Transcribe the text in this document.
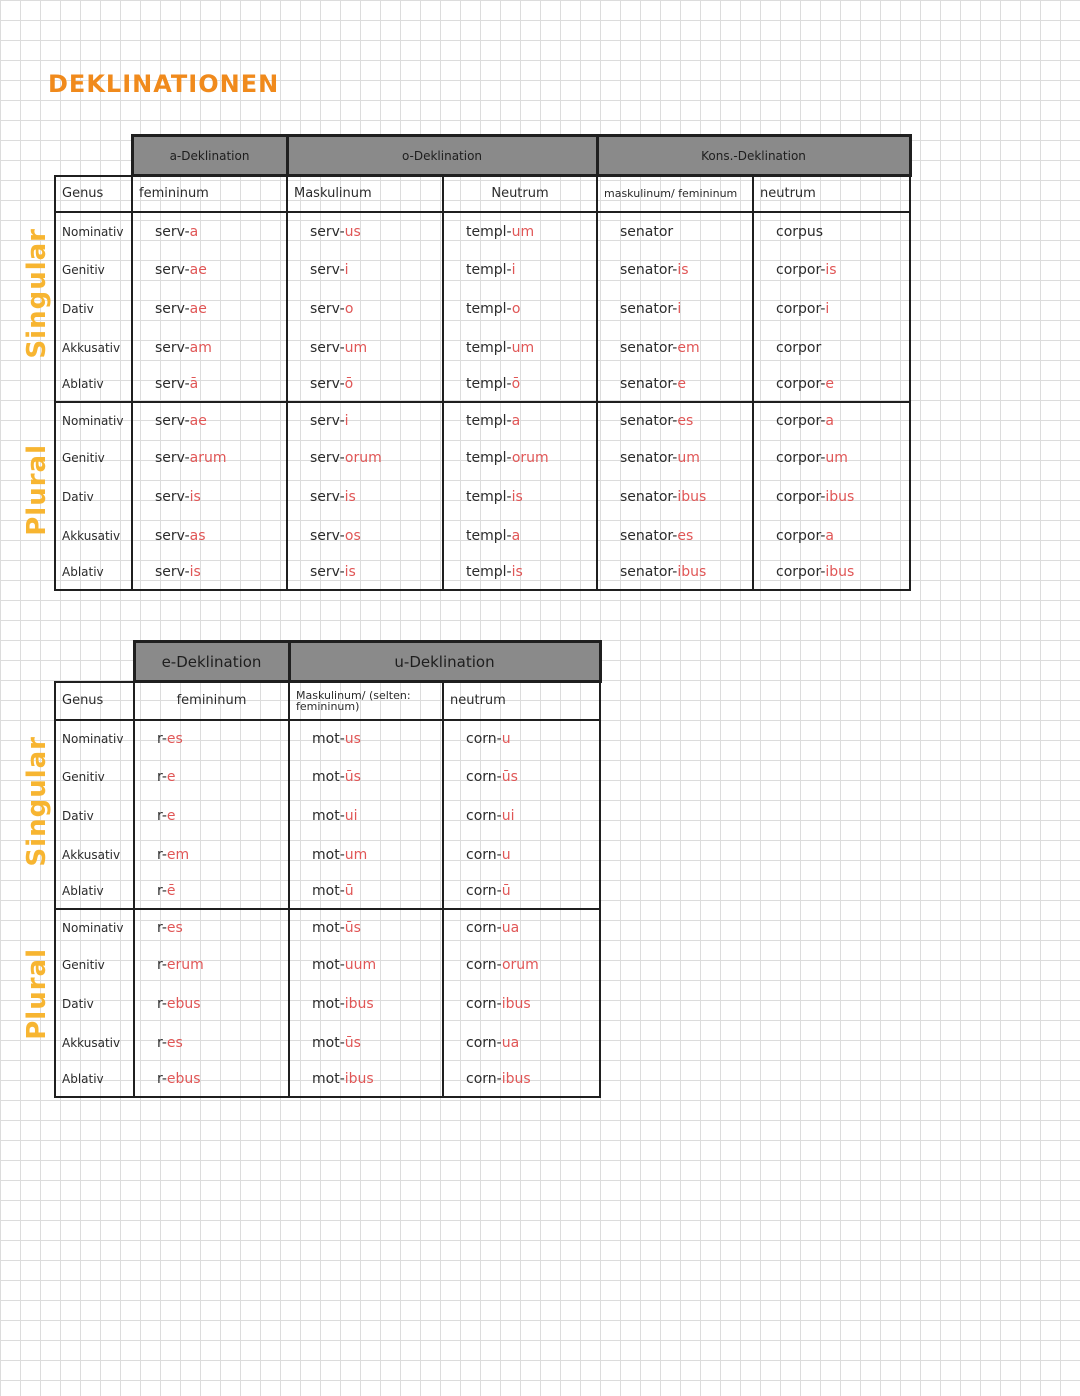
DEKLINATIONEN
Singular
Plural
Singular
Plural
	a-Deklination	o-Deklination		Kons.-Deklination	
Genus	femininum	Maskulinum	Neutrum	maskulinum/ femininum	neutrum
Nominativ	serv-a	serv-us	templ-um	senator	corpus
Genitiv	serv-ae	serv-i	templ-i	senator-is	corpor-is
Dativ	serv-ae	serv-o	templ-o	senator-i	corpor-i
Akkusativ	serv-am	serv-um	templ-um	senator-em	corpor
Ablativ	serv-ā	serv-ō	templ-ō	senator-e	corpor-e
Nominativ	serv-ae	serv-i	templ-a	senator-es	corpor-a
Genitiv	serv-arum	serv-orum	templ-orum	senator-um	corpor-um
Dativ	serv-is	serv-is	templ-is	senator-ibus	corpor-ibus
Akkusativ	serv-as	serv-os	templ-a	senator-es	corpor-a
Ablativ	serv-is	serv-is	templ-is	senator-ibus	corpor-ibus
	e-Deklination	u-Deklination	
Genus	femininum	Maskulinum/ (selten: femininum)	neutrum
Nominativ	r-es	mot-us	corn-u
Genitiv	r-e	mot-ūs	corn-ūs
Dativ	r-e	mot-ui	corn-ui
Akkusativ	r-em	mot-um	corn-u
Ablativ	r-ē	mot-ū	corn-ū
Nominativ	r-es	mot-ūs	corn-ua
Genitiv	r-erum	mot-uum	corn-orum
Dativ	r-ebus	mot-ibus	corn-ibus
Akkusativ	r-es	mot-ūs	corn-ua
Ablativ	r-ebus	mot-ibus	corn-ibus
